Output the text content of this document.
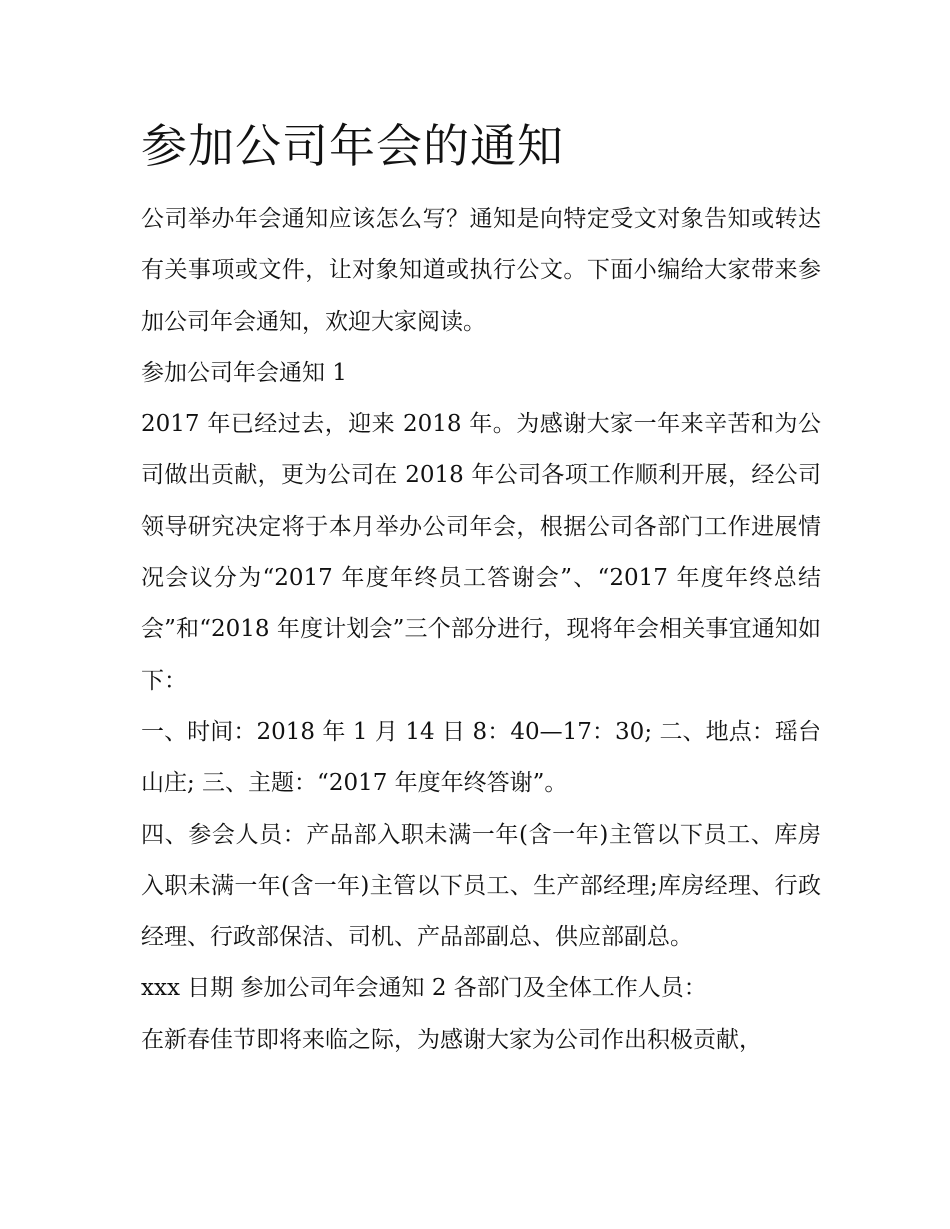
参加公司年会的通知

公司举办年会通知应该怎么写？通知是向特定受文对象告知或转达有关事项或文件，让对象知道或执行公文。下面小编给大家带来参加公司年会通知，欢迎大家阅读。

参加公司年会通知 1

2017 年已经过去，迎来 2018 年。为感谢大家一年来辛苦和为公司做出贡献，更为公司在 2018 年公司各项工作顺利开展，经公司领导研究决定将于本月举办公司年会，根据公司各部门工作进展情况会议分为“2017 年度年终员工答谢会”、“2017 年度年终总结会”和“2018 年度计划会”三个部分进行，现将年会相关事宜通知如下：

一、时间：2018 年 1 月 14 日 8：40—17：30; 二、地点：瑶台山庄; 三、主题：“2017 年度年终答谢”。

四、参会人员：产品部入职未满一年(含一年)主管以下员工、库房入职未满一年(含一年)主管以下员工、生产部经理;库房经理、行政经理、行政部保洁、司机、产品部副总、供应部副总。

xxx 日期 参加公司年会通知 2 各部门及全体工作人员：

在新春佳节即将来临之际，为感谢大家为公司作出积极贡献，
